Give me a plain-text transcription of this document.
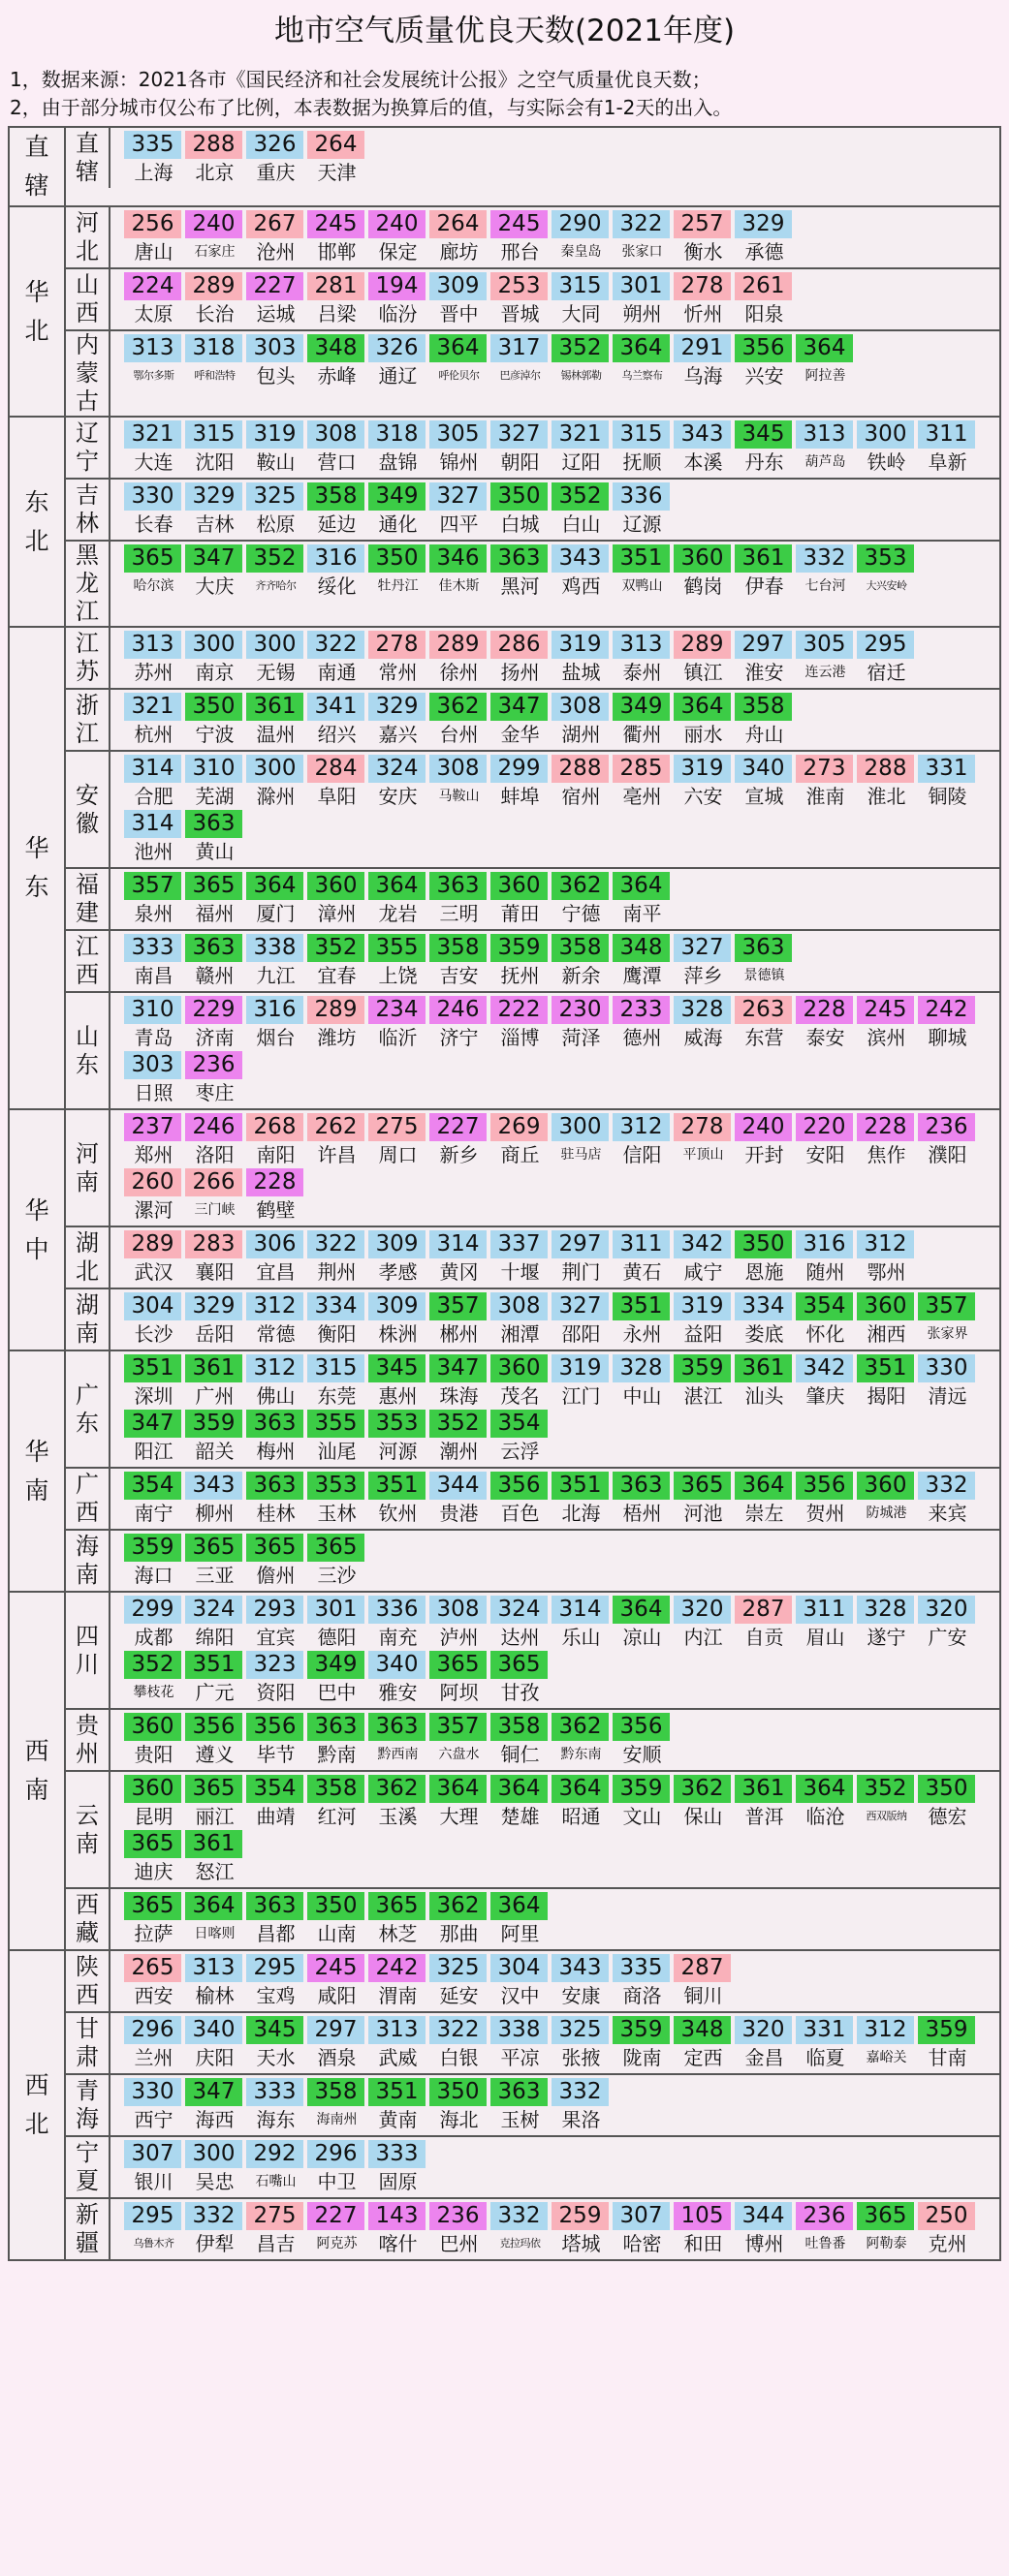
地市空气质量优良天数(2021年度)
1，数据来源：2021各市《国民经济和社会发展统计公报》之空气质量优良天数；
2，由于部分城市仅公布了比例，本表数据为换算后的值，与实际会有1-2天的出入。
直
辖
直
辖
335
上海
288
北京
326
重庆
264
天津
华
北
河
北
256
唐山
240
石家庄
267
沧州
245
邯郸
240
保定
264
廊坊
245
邢台
290
秦皇岛
322
张家口
257
衡水
329
承德
山
西
224
太原
289
长治
227
运城
281
吕梁
194
临汾
309
晋中
253
晋城
315
大同
301
朔州
278
忻州
261
阳泉
内
蒙
古
313
鄂尔多斯
318
呼和浩特
303
包头
348
赤峰
326
通辽
364
呼伦贝尔
317
巴彦淖尔
352
锡林郭勒
364
乌兰察布
291
乌海
356
兴安
364
阿拉善
东
北
辽
宁
321
大连
315
沈阳
319
鞍山
308
营口
318
盘锦
305
锦州
327
朝阳
321
辽阳
315
抚顺
343
本溪
345
丹东
313
葫芦岛
300
铁岭
311
阜新
吉
林
330
长春
329
吉林
325
松原
358
延边
349
通化
327
四平
350
白城
352
白山
336
辽源
黑
龙
江
365
哈尔滨
347
大庆
352
齐齐哈尔
316
绥化
350
牡丹江
346
佳木斯
363
黑河
343
鸡西
351
双鸭山
360
鹤岗
361
伊春
332
七台河
353
大兴安岭
华
东
江
苏
313
苏州
300
南京
300
无锡
322
南通
278
常州
289
徐州
286
扬州
319
盐城
313
泰州
289
镇江
297
淮安
305
连云港
295
宿迁
浙
江
321
杭州
350
宁波
361
温州
341
绍兴
329
嘉兴
362
台州
347
金华
308
湖州
349
衢州
364
丽水
358
舟山
安
徽
314
合肥
310
芜湖
300
滁州
284
阜阳
324
安庆
308
马鞍山
299
蚌埠
288
宿州
285
亳州
319
六安
340
宣城
273
淮南
288
淮北
331
铜陵
314
池州
363
黄山
福
建
357
泉州
365
福州
364
厦门
360
漳州
364
龙岩
363
三明
360
莆田
362
宁德
364
南平
江
西
333
南昌
363
赣州
338
九江
352
宜春
355
上饶
358
吉安
359
抚州
358
新余
348
鹰潭
327
萍乡
363
景德镇
山
东
310
青岛
229
济南
316
烟台
289
潍坊
234
临沂
246
济宁
222
淄博
230
菏泽
233
德州
328
威海
263
东营
228
泰安
245
滨州
242
聊城
303
日照
236
枣庄
华
中
河
南
237
郑州
246
洛阳
268
南阳
262
许昌
275
周口
227
新乡
269
商丘
300
驻马店
312
信阳
278
平顶山
240
开封
220
安阳
228
焦作
236
濮阳
260
漯河
266
三门峡
228
鹤壁
湖
北
289
武汉
283
襄阳
306
宜昌
322
荆州
309
孝感
314
黄冈
337
十堰
297
荆门
311
黄石
342
咸宁
350
恩施
316
随州
312
鄂州
湖
南
304
长沙
329
岳阳
312
常德
334
衡阳
309
株洲
357
郴州
308
湘潭
327
邵阳
351
永州
319
益阳
334
娄底
354
怀化
360
湘西
357
张家界
华
南
广
东
351
深圳
361
广州
312
佛山
315
东莞
345
惠州
347
珠海
360
茂名
319
江门
328
中山
359
湛江
361
汕头
342
肇庆
351
揭阳
330
清远
347
阳江
359
韶关
363
梅州
355
汕尾
353
河源
352
潮州
354
云浮
广
西
354
南宁
343
柳州
363
桂林
353
玉林
351
钦州
344
贵港
356
百色
351
北海
363
梧州
365
河池
364
崇左
356
贺州
360
防城港
332
来宾
海
南
359
海口
365
三亚
365
儋州
365
三沙
西
南
四
川
299
成都
324
绵阳
293
宜宾
301
德阳
336
南充
308
泸州
324
达州
314
乐山
364
凉山
320
内江
287
自贡
311
眉山
328
遂宁
320
广安
352
攀枝花
351
广元
323
资阳
349
巴中
340
雅安
365
阿坝
365
甘孜
贵
州
360
贵阳
356
遵义
356
毕节
363
黔南
363
黔西南
357
六盘水
358
铜仁
362
黔东南
356
安顺
云
南
360
昆明
365
丽江
354
曲靖
358
红河
362
玉溪
364
大理
364
楚雄
364
昭通
359
文山
362
保山
361
普洱
364
临沧
352
西双版纳
350
德宏
365
迪庆
361
怒江
西
藏
365
拉萨
364
日喀则
363
昌都
350
山南
365
林芝
362
那曲
364
阿里
西
北
陕
西
265
西安
313
榆林
295
宝鸡
245
咸阳
242
渭南
325
延安
304
汉中
343
安康
335
商洛
287
铜川
甘
肃
296
兰州
340
庆阳
345
天水
297
酒泉
313
武威
322
白银
338
平凉
325
张掖
359
陇南
348
定西
320
金昌
331
临夏
312
嘉峪关
359
甘南
青
海
330
西宁
347
海西
333
海东
358
海南州
351
黄南
350
海北
363
玉树
332
果洛
宁
夏
307
银川
300
吴忠
292
石嘴山
296
中卫
333
固原
新
疆
295
乌鲁木齐
332
伊犁
275
昌吉
227
阿克苏
143
喀什
236
巴州
332
克拉玛依
259
塔城
307
哈密
105
和田
344
博州
236
吐鲁番
365
阿勒泰
250
克州
